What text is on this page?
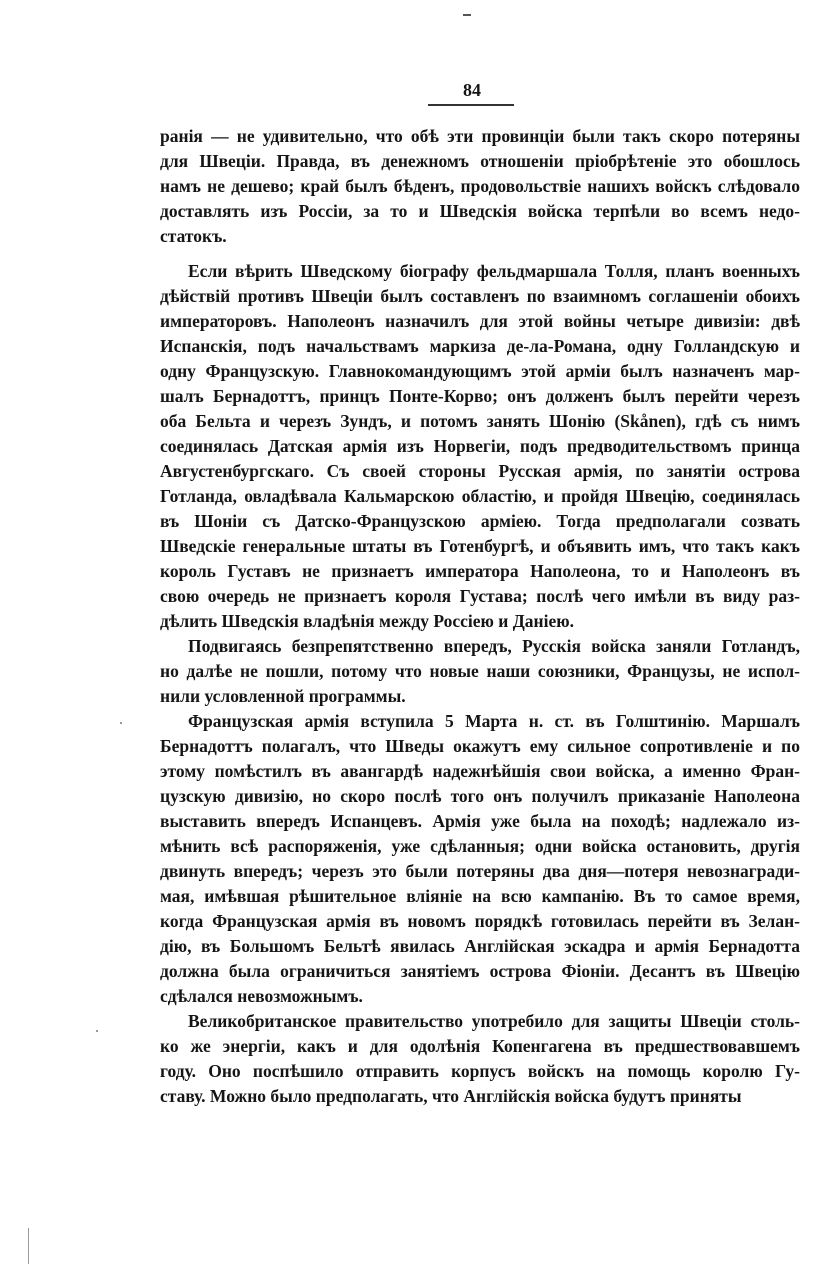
84
ранія — не удивительно, что обѣ эти провинціи были такъ скоро потеряны
для Швеціи. Правда, въ денежномъ отношеніи пріобрѣтеніе это обошлось
намъ не дешево; край былъ бѣденъ, продовольствіе нашихъ войскъ слѣдовало
доставлять изъ Россіи, за то и Шведскія войска терпѣли во всемъ недо-
статокъ.
Если вѣрить Шведскому біографу фельдмаршала Толля, планъ военныхъ
дѣйствій противъ Швеціи былъ составленъ по взаимномъ соглашеніи обоихъ
императоровъ. Наполеонъ назначилъ для этой войны четыре дивизіи: двѣ
Испанскія, подъ начальствамъ маркиза де-ла-Романа, одну Голландскую и
одну Французскую. Главнокомандующимъ этой арміи былъ назначенъ мар-
шалъ Бернадоттъ, принцъ Понте-Корво; онъ долженъ былъ перейти черезъ
оба Бельта и черезъ Зундъ, и потомъ занять Шонію (Skånen), гдѣ съ нимъ
соединялась Датская армія изъ Норвегіи, подъ предводительствомъ принца
Августенбургскаго. Съ своей стороны Русская армія, по занятіи острова
Готланда, овладѣвала Кальмарскою областію, и пройдя Швецію, соединялась
въ Шоніи съ Датско-Французскою арміею. Тогда предполагали созвать
Шведскіе генеральные штаты въ Готенбургѣ, и объявить имъ, что такъ какъ
король Густавъ не признаетъ императора Наполеона, то и Наполеонъ въ
свою очередь не признаетъ короля Густава; послѣ чего имѣли въ виду раз-
дѣлить Шведскія владѣнія между Россіею и Даніею.
Подвигаясь безпрепятственно впередъ, Русскія войска заняли Готландъ,
но далѣе не пошли, потому что новые наши союзники, Французы, не испол-
нили условленной программы.
Французская армія вступила 5 Марта н. ст. въ Голштинію. Маршалъ
Бернадоттъ полагалъ, что Шведы окажутъ ему сильное сопротивленіе и по
этому помѣстилъ въ авангардѣ надежнѣйшія свои войска, а именно Фран-
цузскую дивизію, но скоро послѣ того онъ получилъ приказаніе Наполеона
выставить впередъ Испанцевъ. Армія уже была на походѣ; надлежало из-
мѣнить всѣ распоряженія, уже сдѣланныя; одни войска остановить, другія
двинуть впередъ; черезъ это были потеряны два дня—потеря невознагради-
мая, имѣвшая рѣшительное вліяніе на всю кампанію. Въ то самое время,
когда Французская армія въ новомъ порядкѣ готовилась перейти въ Зелан-
дію, въ Большомъ Бельтѣ явилась Англійская эскадра и армія Бернадотта
должна была ограничиться занятіемъ острова Фіоніи. Десантъ въ Швецію
сдѣлался невозможнымъ.
Великобританское правительство употребило для защиты Швеціи столь-
ко же энергіи, какъ и для одолѣнія Копенгагена въ предшествовавшемъ
году. Оно поспѣшило отправить корпусъ войскъ на помощь королю Гу-
ставу. Можно было предполагать, что Англійскія войска будутъ приняты
